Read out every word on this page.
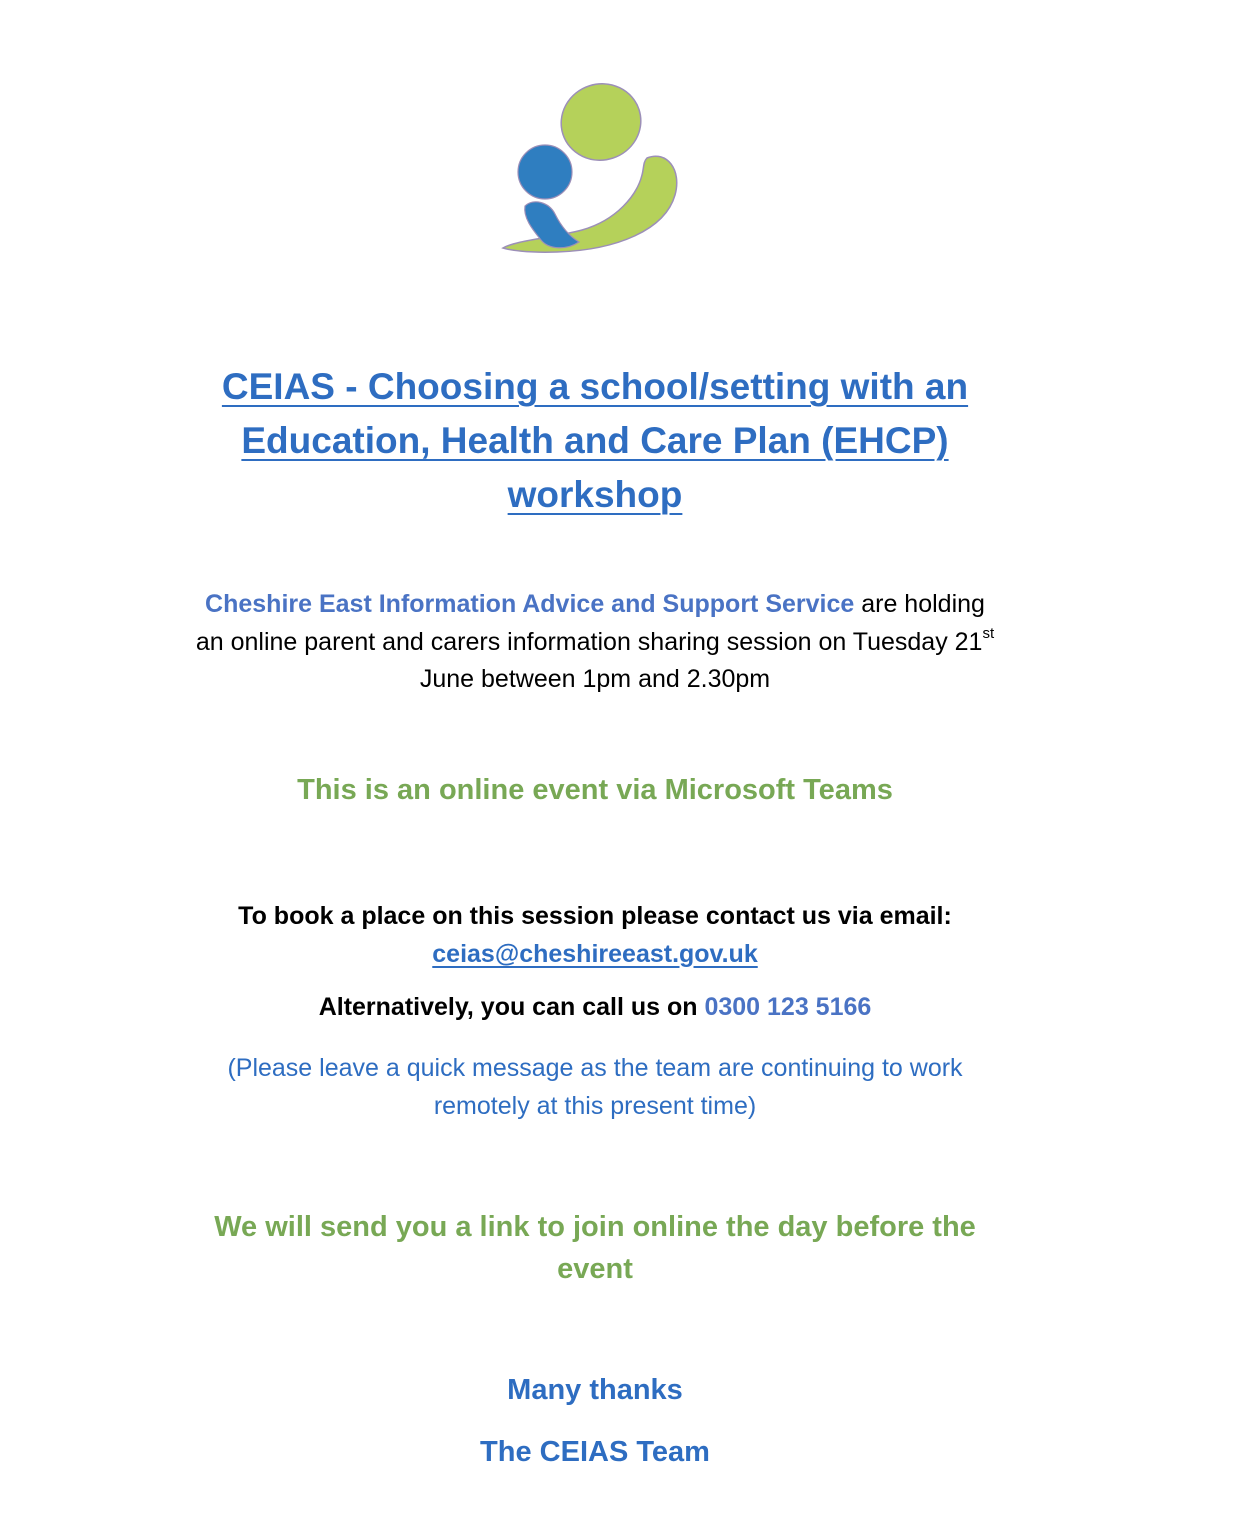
CEIAS - Choosing a school/setting with an
Education, Health and Care Plan (EHCP)
workshop
Cheshire East Information Advice and Support Service are holding
an online parent and carers information sharing session on Tuesday 21st
June between 1pm and 2.30pm
This is an online event via Microsoft Teams
To book a place on this session please contact us via email:
ceias@cheshireeast.gov.uk
Alternatively, you can call us on 0300 123 5166
(Please leave a quick message as the team are continuing to work
remotely at this present time)
We will send you a link to join online the day before the
event
Many thanks
The CEIAS Team
